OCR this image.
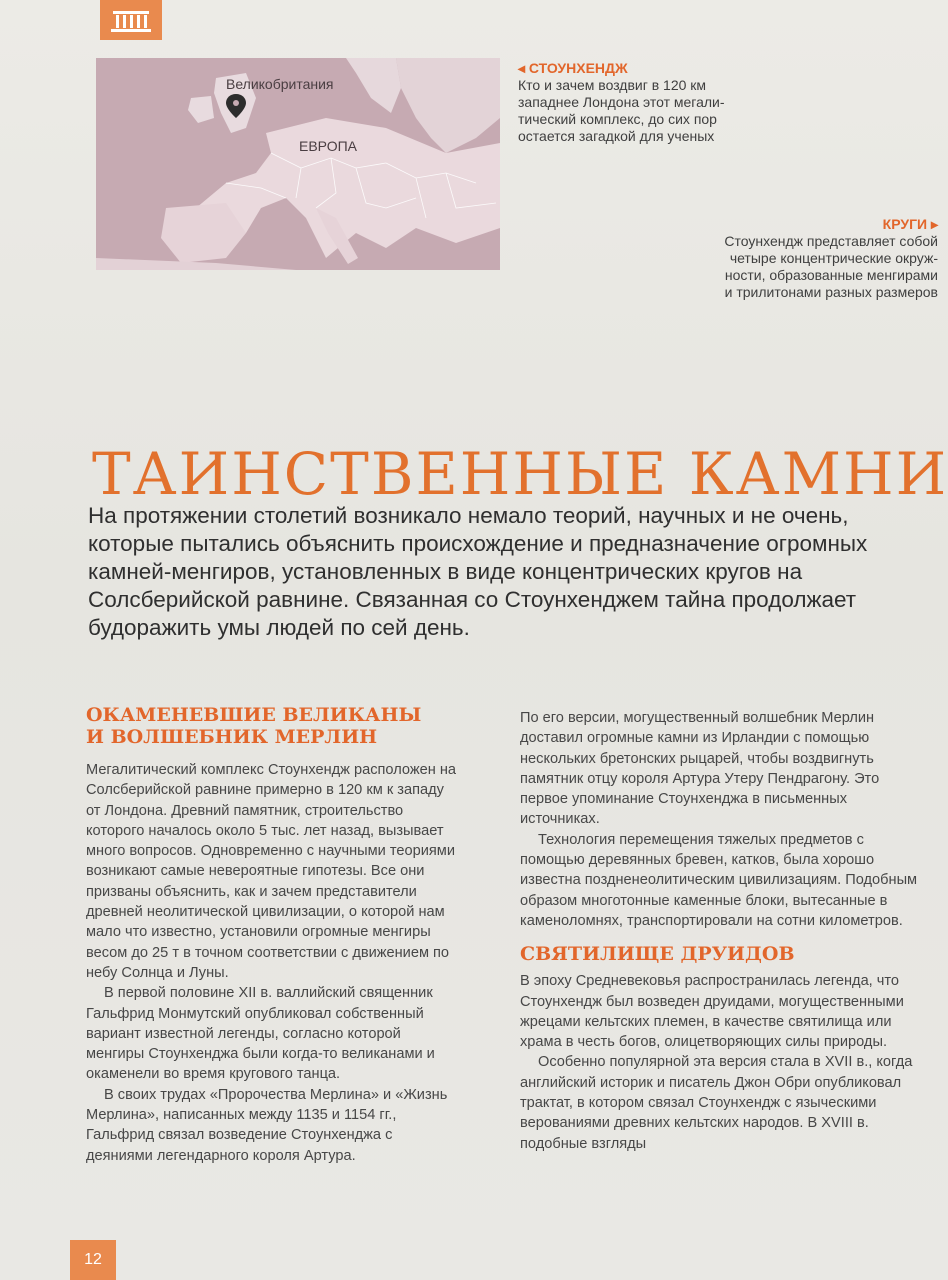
Великобритания
ЕВРОПА

◂ СТОУНХЕНДЖ

Кто и зачем воздвиг в 120 км

западнее Лондона этот мегали-

тический комплекс, до сих пор

остается загадкой для ученых

КРУГИ ▸

Стоунхендж представляет собой

четыре концентрические окруж-

ности, образованные менгирами

и трилитонами разных размеров

ТАИНСТВЕННЫЕ КАМНИ

На протяжении столетий возникало немало теорий, научных и не очень, которые пытались объяснить происхождение и предназначение огромных камней-менгиров, установленных в виде концентрических кругов на Солсберийской равнине. Связанная со Стоунхенджем тайна продолжает будоражить умы людей по сей день.

ОКАМЕНЕВШИЕ ВЕЛИКАНЫ
И ВОЛШЕБНИК МЕРЛИН

Мегалитический комплекс Стоунхендж расположен на Солсберийской равнине примерно в 120 км к западу от Лондона. Древний памятник, строительство которого началось около 5 тыс. лет назад, вызывает много вопросов. Одновременно с научными теориями возникают самые невероятные гипотезы. Все они призваны объяснить, как и зачем представители древней неолитической цивилизации, о которой нам мало что известно, установили огромные менгиры весом до 25 т в точном соответствии с движением по небу Солнца и Луны.

В первой половине XII в. валлийский священник Гальфрид Монмутский опубликовал собственный вариант известной легенды, согласно которой менгиры Стоунхенджа были когда-то великанами и окаменели во время кругового танца.

В своих трудах «Пророчества Мерлина» и «Жизнь Мерлина», написанных между 1135 и 1154 гг., Гальфрид связал возведение Стоунхенджа с деяниями легендарного короля Артура.

По его версии, могущественный волшебник Мерлин доставил огромные камни из Ирландии с помощью нескольких бретонских рыцарей, чтобы воздвигнуть памятник отцу короля Артура Утеру Пендрагону. Это первое упоминание Стоунхенджа в письменных источниках.

Технология перемещения тяжелых предметов с помощью деревянных бревен, катков, была хорошо известна поздненеолитическим цивилизациям. Подобным образом многотонные каменные блоки, вытесанные в каменоломнях, транспортировали на сотни километров.

СВЯТИЛИЩЕ ДРУИДОВ

В эпоху Средневековья распространилась легенда, что Стоунхендж был возведен друидами, могущественными жрецами кельтских племен, в качестве святилища или храма в честь богов, олицетворяющих силы природы.

Особенно популярной эта версия стала в XVII в., когда английский историк и писатель Джон Обри опубликовал трактат, в котором связал Стоунхендж с языческими верованиями древних кельтских народов. В XVIII в. подобные взгляды

12
